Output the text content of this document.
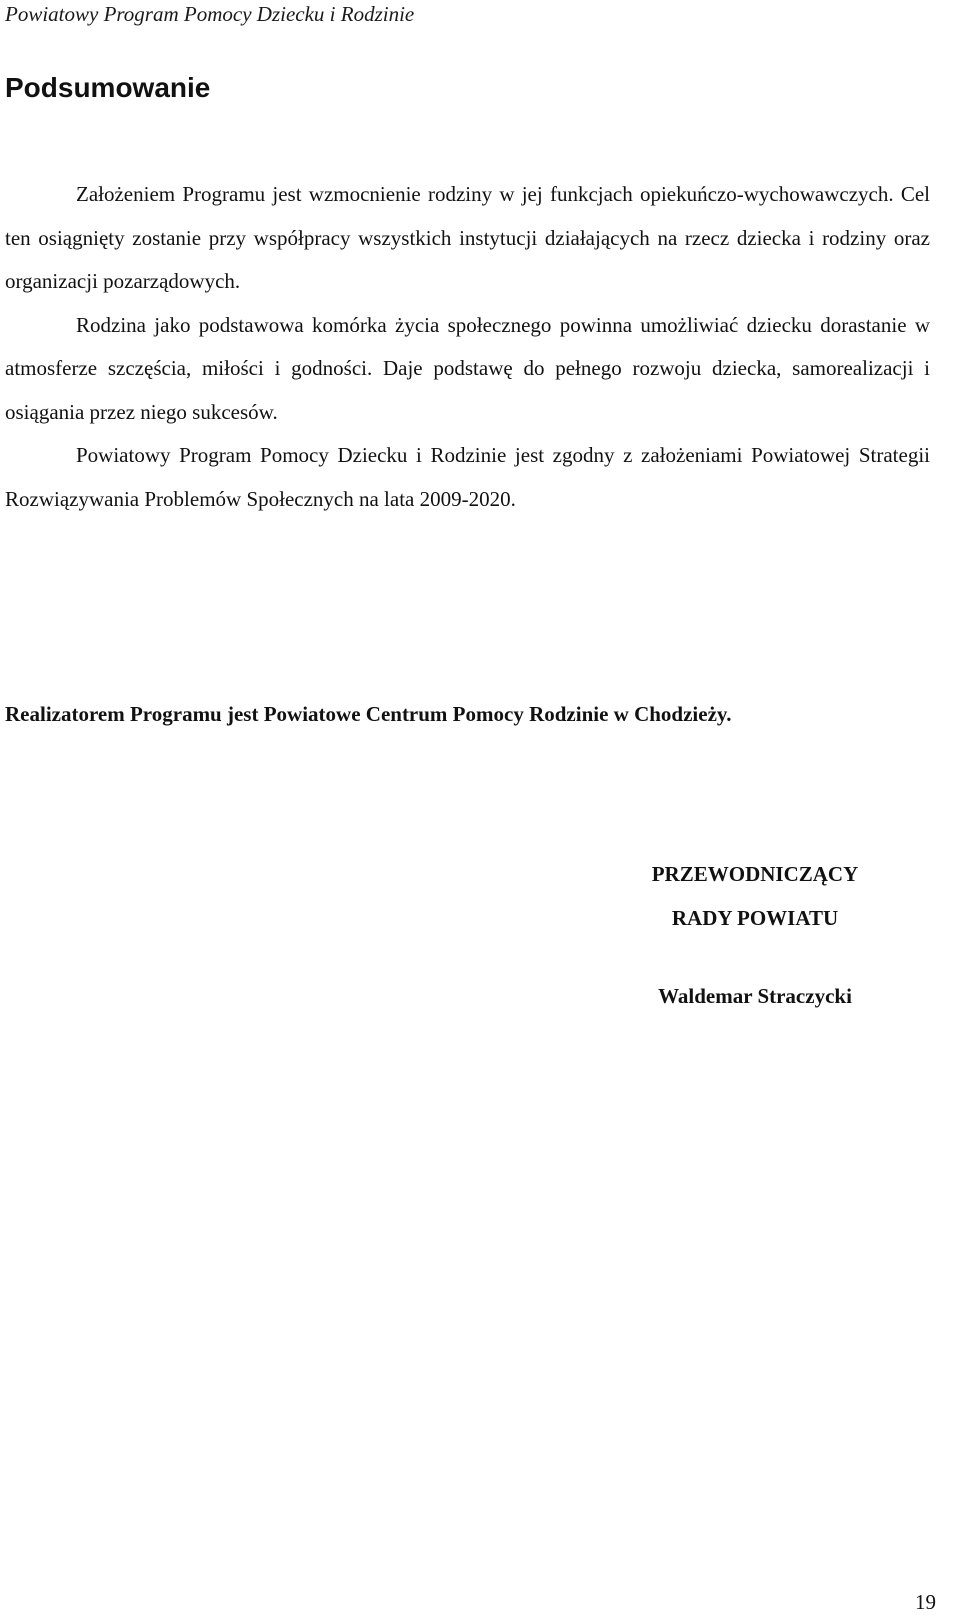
Powiatowy Program Pomocy Dziecku i Rodzinie
Podsumowanie

Założeniem Programu jest wzmocnienie rodziny w jej funkcjach opiekuńczo-wychowawczych. Cel ten osiągnięty zostanie przy współpracy wszystkich instytucji działających na rzecz dziecka i rodziny oraz organizacji pozarządowych.

Rodzina jako podstawowa komórka życia społecznego powinna umożliwiać dziecku dorastanie w atmosferze szczęścia, miłości i godności. Daje podstawę do pełnego rozwoju dziecka, samorealizacji i osiągania przez niego sukcesów.

Powiatowy Program Pomocy Dziecku i Rodzinie jest zgodny z założeniami Powiatowej Strategii Rozwiązywania Problemów Społecznych na lata 2009-2020.

Realizatorem Programu jest Powiatowe Centrum Pomocy Rodzinie w Chodzieży.

PRZEWODNICZĄCY
RADY POWIATU
Waldemar Straczycki
19
